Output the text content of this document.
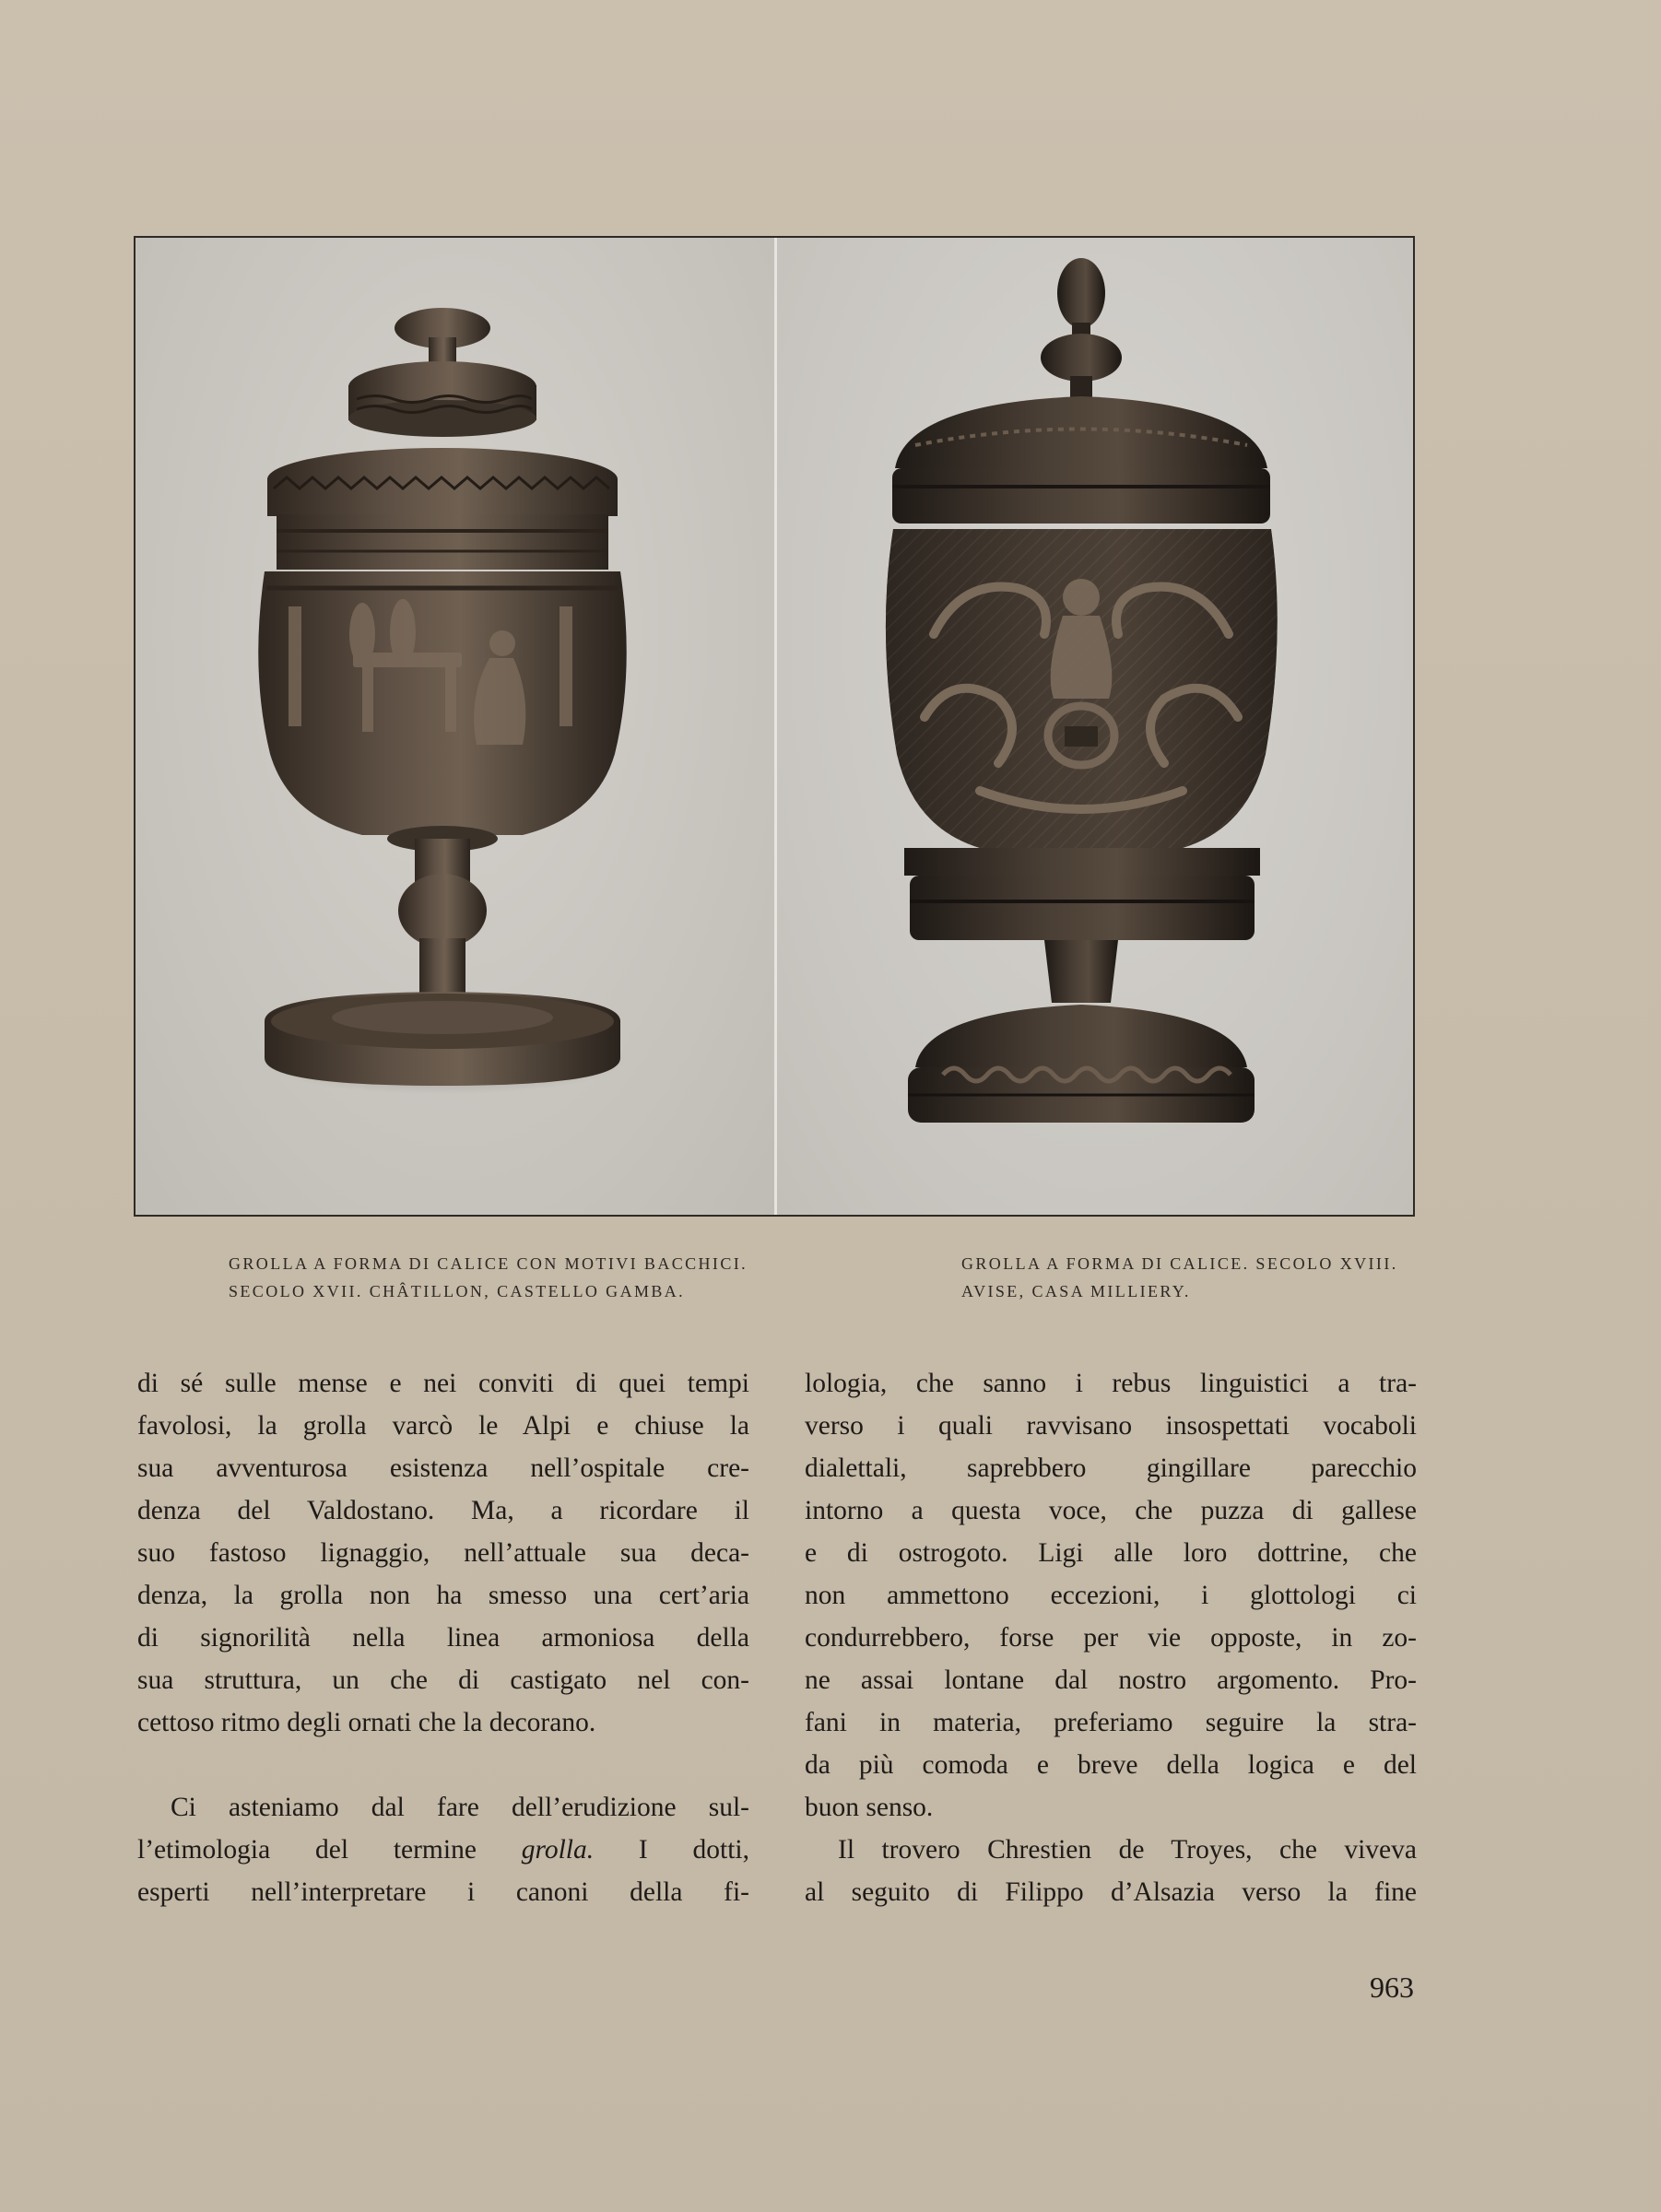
GROLLA A FORMA DI CALICE CON MOTIVI BACCHICI.
SECOLO XVII. CHÂTILLON, CASTELLO GAMBA.
GROLLA A FORMA DI CALICE. SECOLO XVIII.
AVISE, CASA MILLIERY.
di sé sulle mense e nei conviti di quei tempi
favolosi, la grolla varcò le Alpi e chiuse la
sua avventurosa esistenza nell’ospitale cre-
denza del Valdostano. Ma, a ricordare il
suo fastoso lignaggio, nell’attuale sua deca-
denza, la grolla non ha smesso una cert’aria
di signorilità nella linea armoniosa della
sua struttura, un che di castigato nel con-
cettoso ritmo degli ornati che la decorano.
Ci asteniamo dal fare dell’erudizione sul-
l’etimologia del termine grolla. I dotti,
esperti nell’interpretare i canoni della fi-
lologia, che sanno i rebus linguistici a tra-
verso i quali ravvisano insospettati vocaboli
dialettali, saprebbero gingillare parecchio
intorno a questa voce, che puzza di gallese
e di ostrogoto. Ligi alle loro dottrine, che
non ammettono eccezioni, i glottologi ci
condurrebbero, forse per vie opposte, in zo-
ne assai lontane dal nostro argomento. Pro-
fani in materia, preferiamo seguire la stra-
da più comoda e breve della logica e del
buon senso.
Il trovero Chrestien de Troyes, che viveva
al seguito di Filippo d’Alsazia verso la fine
963
